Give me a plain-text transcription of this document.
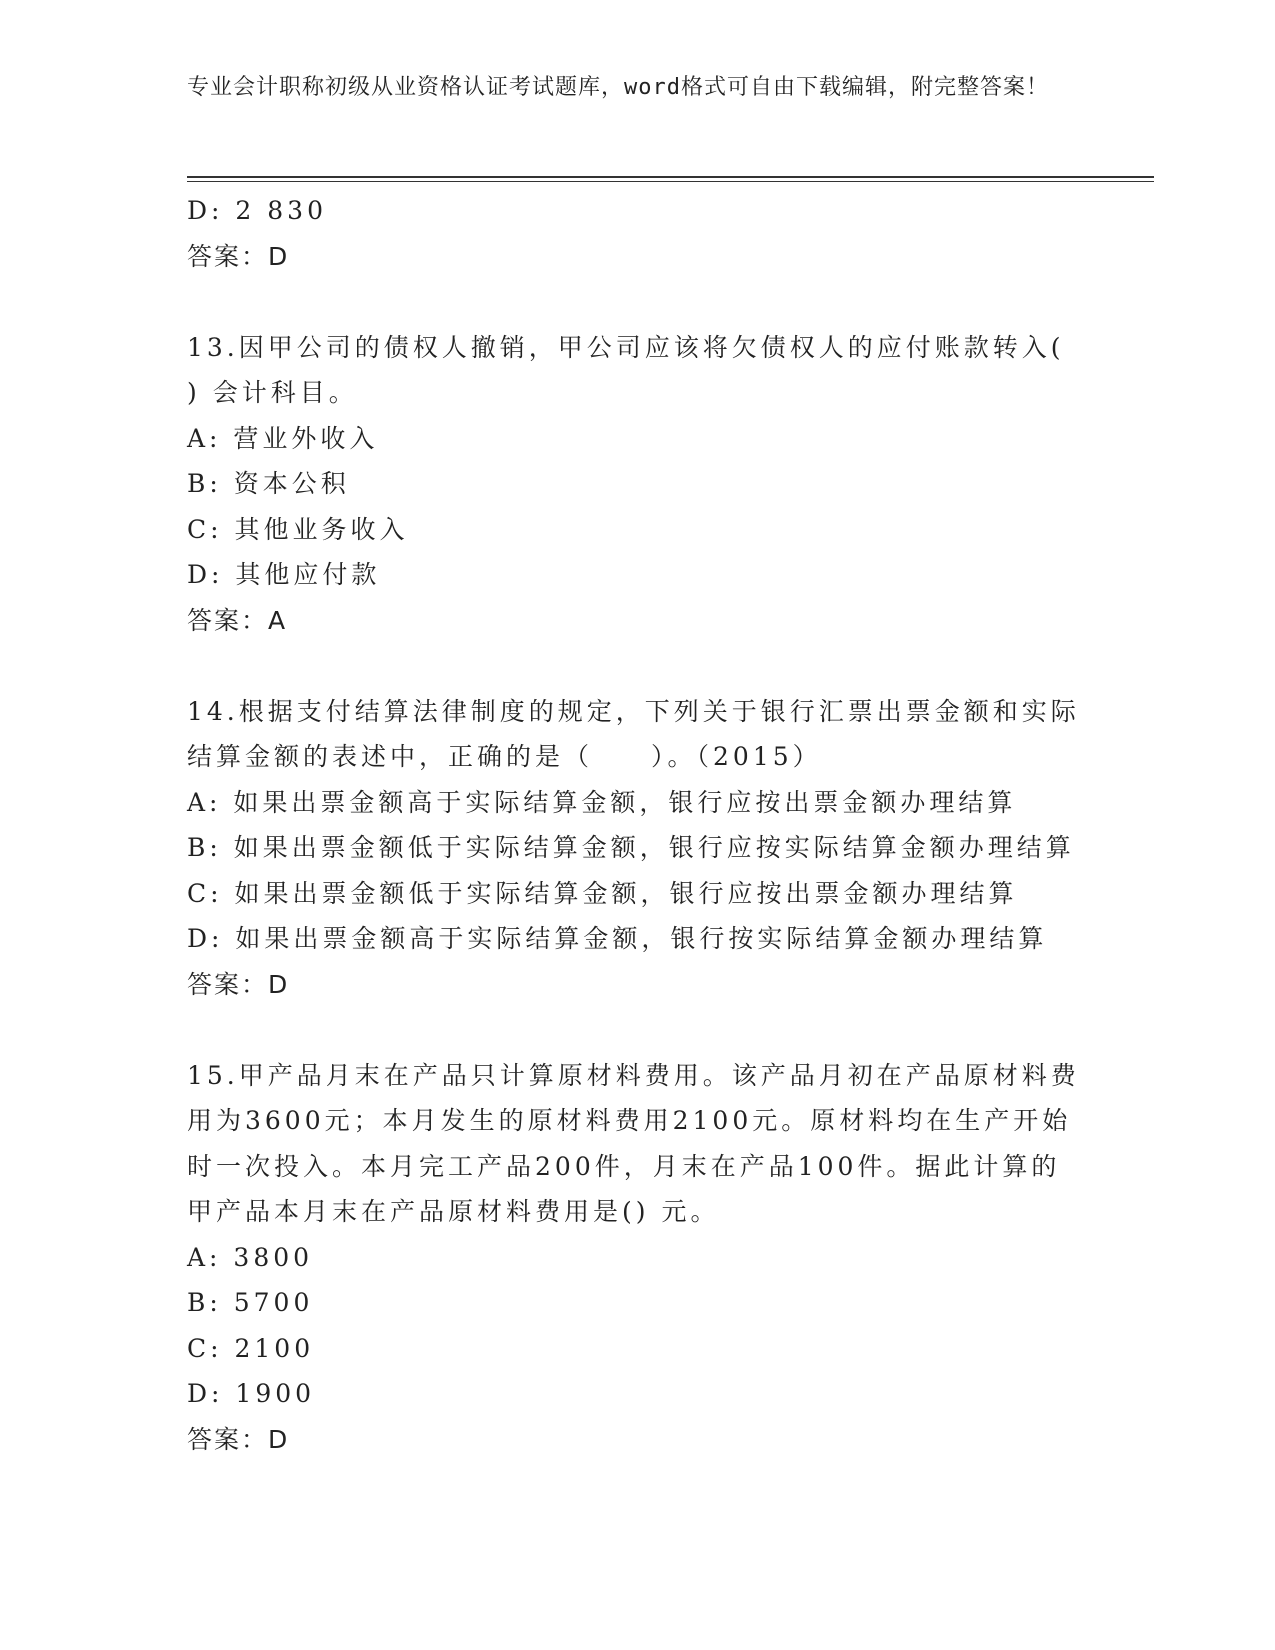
专业会计职称初级从业资格认证考试题库，word格式可自由下载编辑，附完整答案！
D: 2 830
答案：D
13.因甲公司的债权人撤销，甲公司应该将欠债权人的应付账款转入(
) 会计科目。
A: 营业外收入
B: 资本公积
C: 其他业务收入
D: 其他应付款
答案：A
14.根据支付结算法律制度的规定，下列关于银行汇票出票金额和实际
结算金额的表述中，正确的是（　　）。（2015）
A: 如果出票金额高于实际结算金额，银行应按出票金额办理结算
B: 如果出票金额低于实际结算金额，银行应按实际结算金额办理结算
C: 如果出票金额低于实际结算金额，银行应按出票金额办理结算
D: 如果出票金额高于实际结算金额，银行按实际结算金额办理结算
答案：D
15.甲产品月末在产品只计算原材料费用。该产品月初在产品原材料费
用为3600元；本月发生的原材料费用2100元。原材料均在生产开始
时一次投入。本月完工产品200件，月末在产品100件。据此计算的
甲产品本月末在产品原材料费用是() 元。
A: 3800
B: 5700
C: 2100
D: 1900
答案：D
